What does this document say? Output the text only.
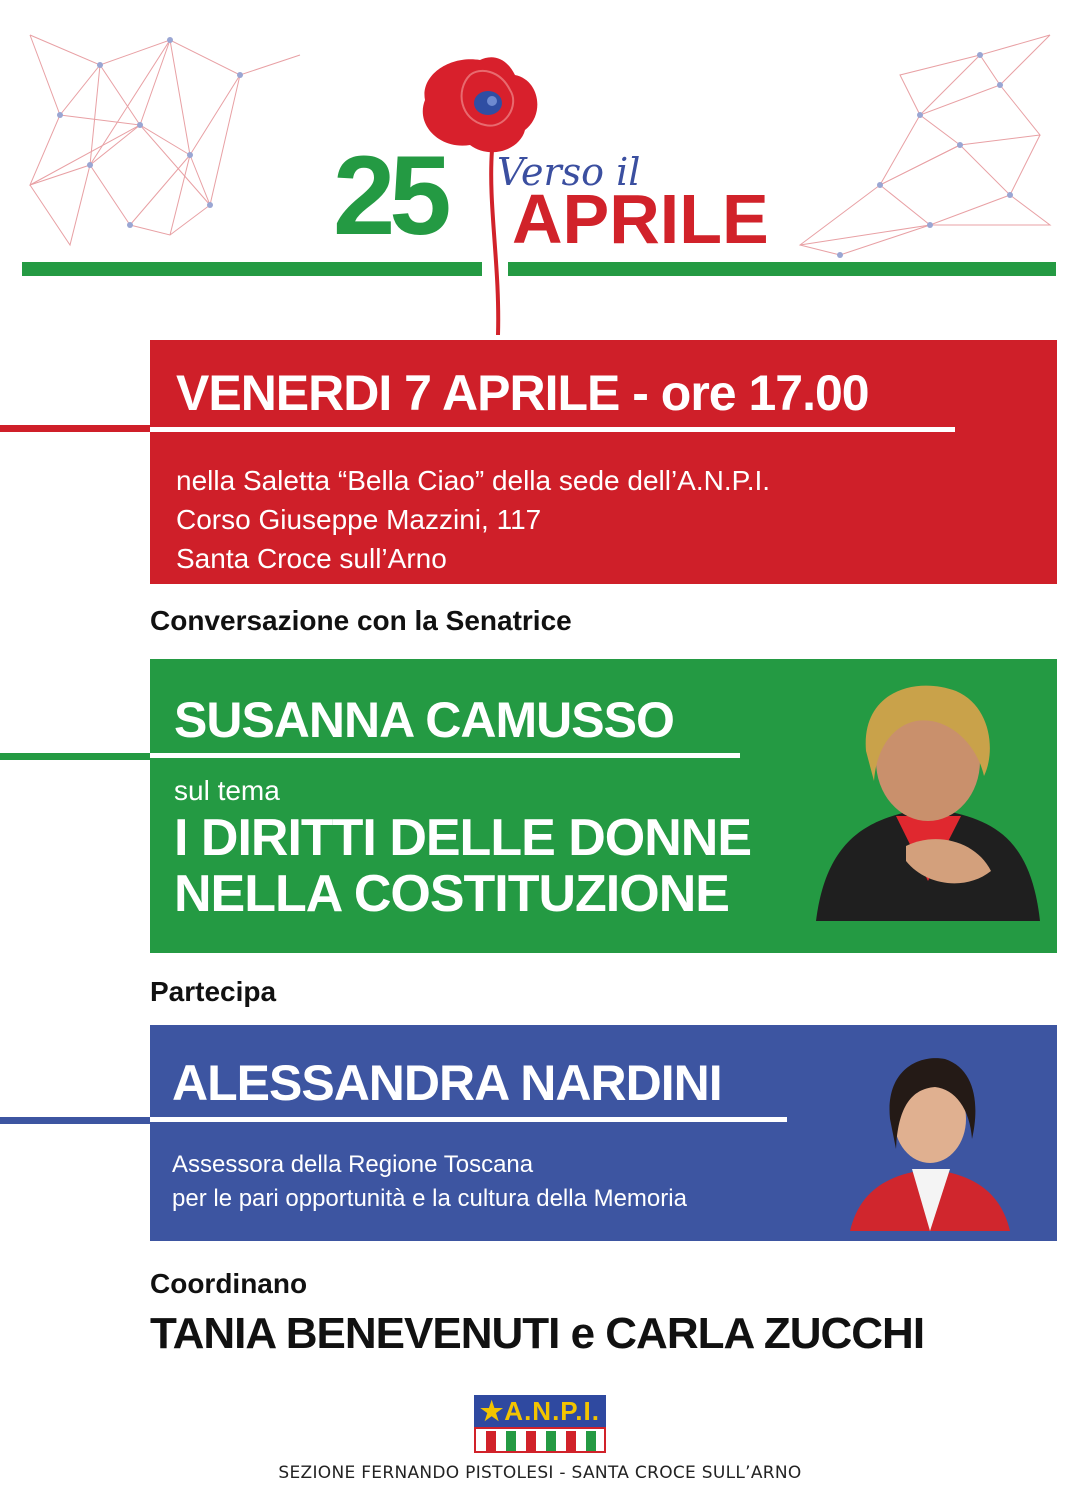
25 Verso il
APRILE
VENERDI 7 APRILE - ore 17.00
nella Saletta “Bella Ciao” della sede dell’A.N.P.I.
Corso Giuseppe Mazzini, 117
Santa Croce sull’Arno
Conversazione con la Senatrice
SUSANNA CAMUSSO
sul tema
I DIRITTI DELLE DONNE
NELLA COSTITUZIONE
Partecipa
ALESSANDRA NARDINI
Assessora della Regione Toscana
per le pari opportunità e la cultura della Memoria
Coordinano
TANIA BENEVENUTI e CARLA ZUCCHI
★A.N.P.I.
SEZIONE FERNANDO PISTOLESI - SANTA CROCE SULL’ARNO
